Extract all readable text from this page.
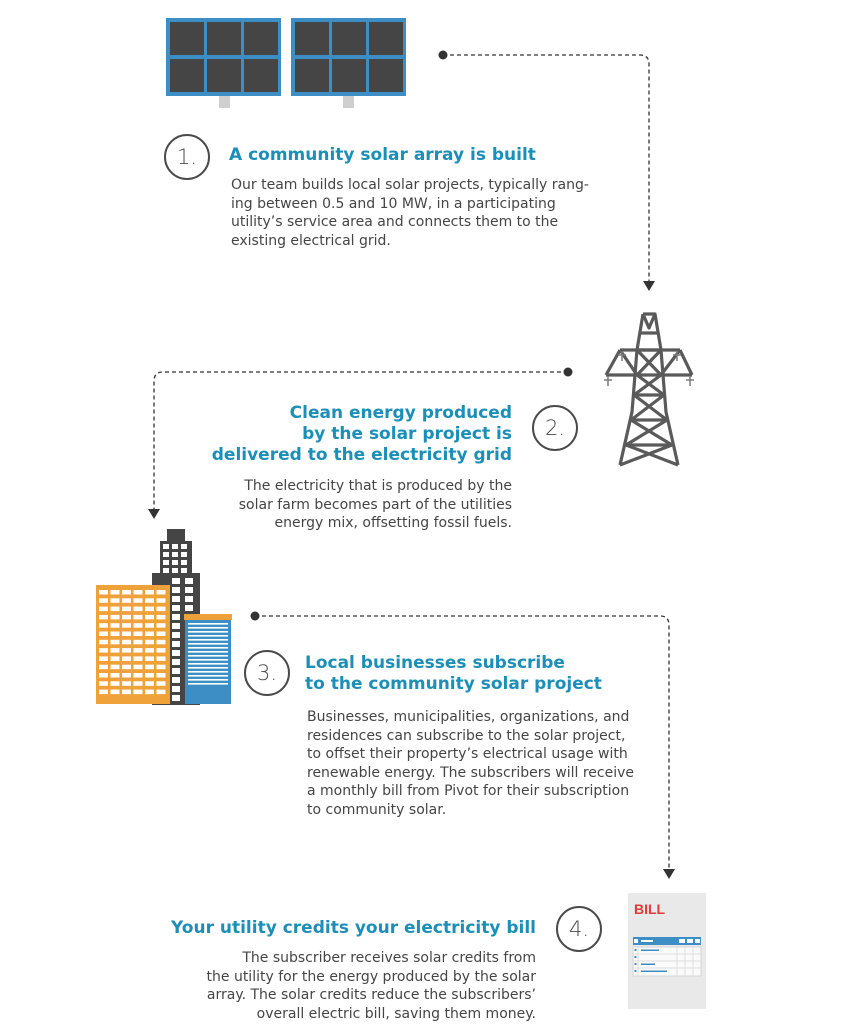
BILL
1.	A community solar array is built
Our team builds local solar projects, typically rang-
ing between 0.5 and 10 MW, in a participating
utility’s service area and connects them to the
existing electrical grid.
2.
Clean energy produced
by the solar project is
delivered to the electricity grid
The electricity that is produced by the
solar farm becomes part of the utilities
energy mix, offsetting fossil fuels.
3.	Local businesses subscribe
to the community solar project
Businesses, municipalities, organizations, and
residences can subscribe to the solar project,
to offset their property’s electrical usage with
renewable energy. The subscribers will receive
a monthly bill from Pivot for their subscription
to community solar.
4.
Your utility credits your electricity bill
The subscriber receives solar credits from
the utility for the energy produced by the solar
array. The solar credits reduce the subscribers’
overall electric bill, saving them money.
